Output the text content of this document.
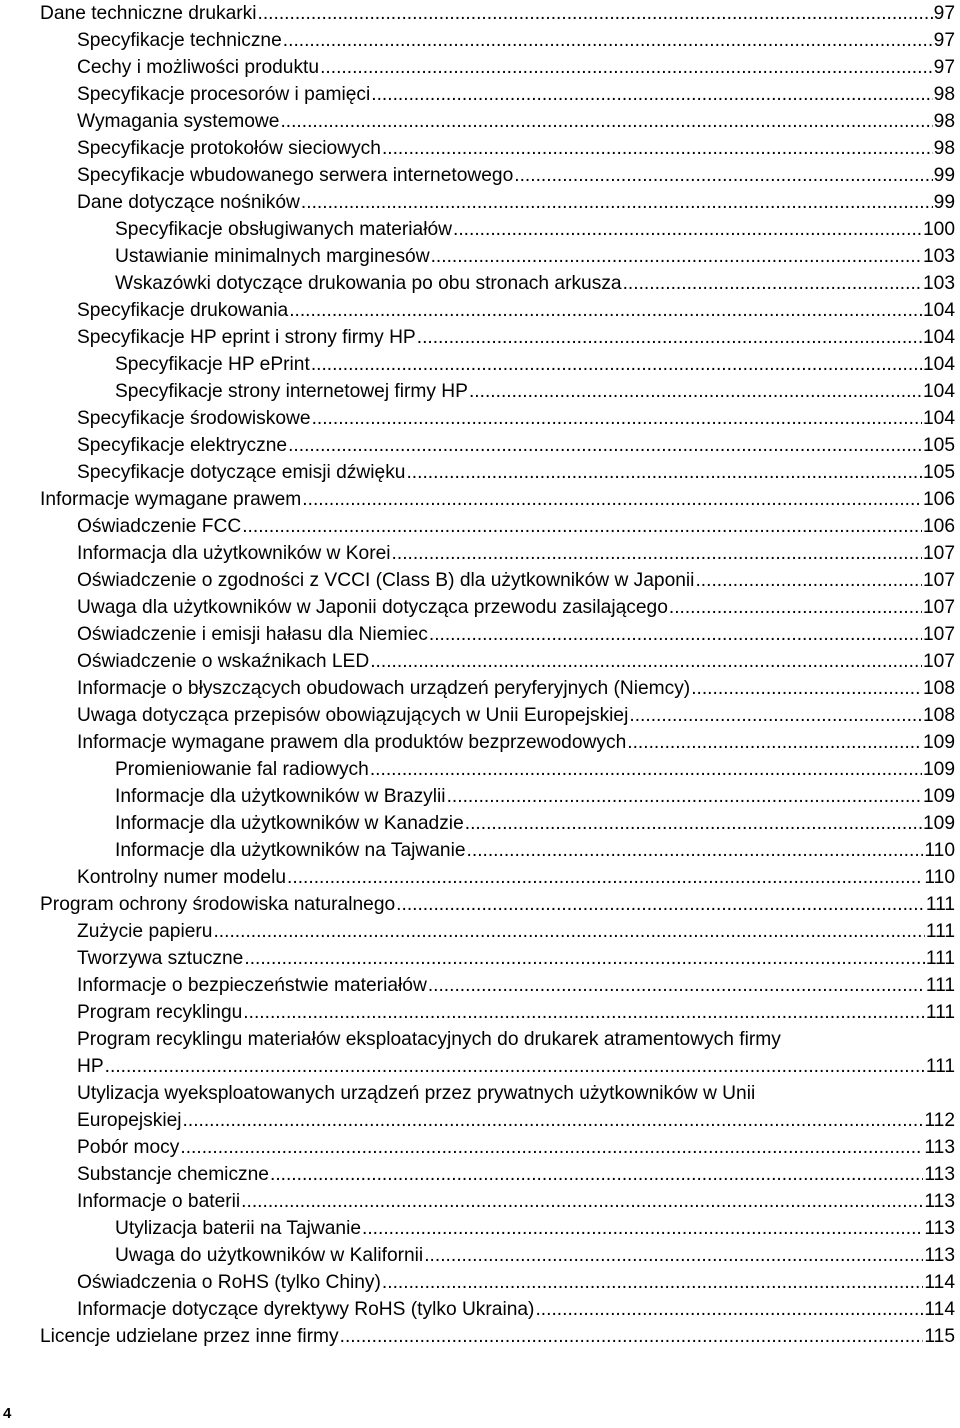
Dane techniczne drukarki .....	97
Specyfikacje techniczne .....	97
Cechy i możliwości produktu .....	97
Specyfikacje procesorów i pamięci .....	98
Wymagania systemowe .....	98
Specyfikacje protokołów sieciowych .....	98
Specyfikacje wbudowanego serwera internetowego .....	99
Dane dotyczące nośników .....	99
Specyfikacje obsługiwanych materiałów .....	100
Ustawianie minimalnych marginesów .....	103
Wskazówki dotyczące drukowania po obu stronach arkusza .....	103
Specyfikacje drukowania .....	104
Specyfikacje HP eprint i strony firmy HP .....	104
Specyfikacje HP ePrint .....	104
Specyfikacje strony internetowej firmy HP .....	104
Specyfikacje środowiskowe .....	104
Specyfikacje elektryczne .....	105
Specyfikacje dotyczące emisji dźwięku .....	105
Informacje wymagane prawem .....	106
Oświadczenie FCC .....	106
Informacja dla użytkowników w Korei .....	107
Oświadczenie o zgodności z VCCI (Class B) dla użytkowników w Japonii .....	107
Uwaga dla użytkowników w Japonii dotycząca przewodu zasilającego .....	107
Oświadczenie i emisji hałasu dla Niemiec .....	107
Oświadczenie o wskaźnikach LED .....	107
Informacje o błyszczących obudowach urządzeń peryferyjnych (Niemcy) .....	108
Uwaga dotycząca przepisów obowiązujących w Unii Europejskiej .....	108
Informacje wymagane prawem dla produktów bezprzewodowych .....	109
Promieniowanie fal radiowych .....	109
Informacje dla użytkowników w Brazylii .....	109
Informacje dla użytkowników w Kanadzie .....	109
Informacje dla użytkowników na Tajwanie .....	110
Kontrolny numer modelu .....	110
Program ochrony środowiska naturalnego .....	111
Zużycie papieru .....	111
Tworzywa sztuczne .....	111
Informacje o bezpieczeństwie materiałów .....	111
Program recyklingu .....	111
Program recyklingu materiałów eksploatacyjnych do drukarek atramentowych firmy
HP .....	111
Utylizacja wyeksploatowanych urządzeń przez prywatnych użytkowników w Unii
Europejskiej .....	112
Pobór mocy .....	113
Substancje chemiczne .....	113
Informacje o baterii .....	113
Utylizacja baterii na Tajwanie .....	113
Uwaga do użytkowników w Kalifornii .....	113
Oświadczenia o RoHS (tylko Chiny) .....	114
Informacje dotyczące dyrektywy RoHS (tylko Ukraina) .....	114
Licencje udzielane przez inne firmy .....	115
4
